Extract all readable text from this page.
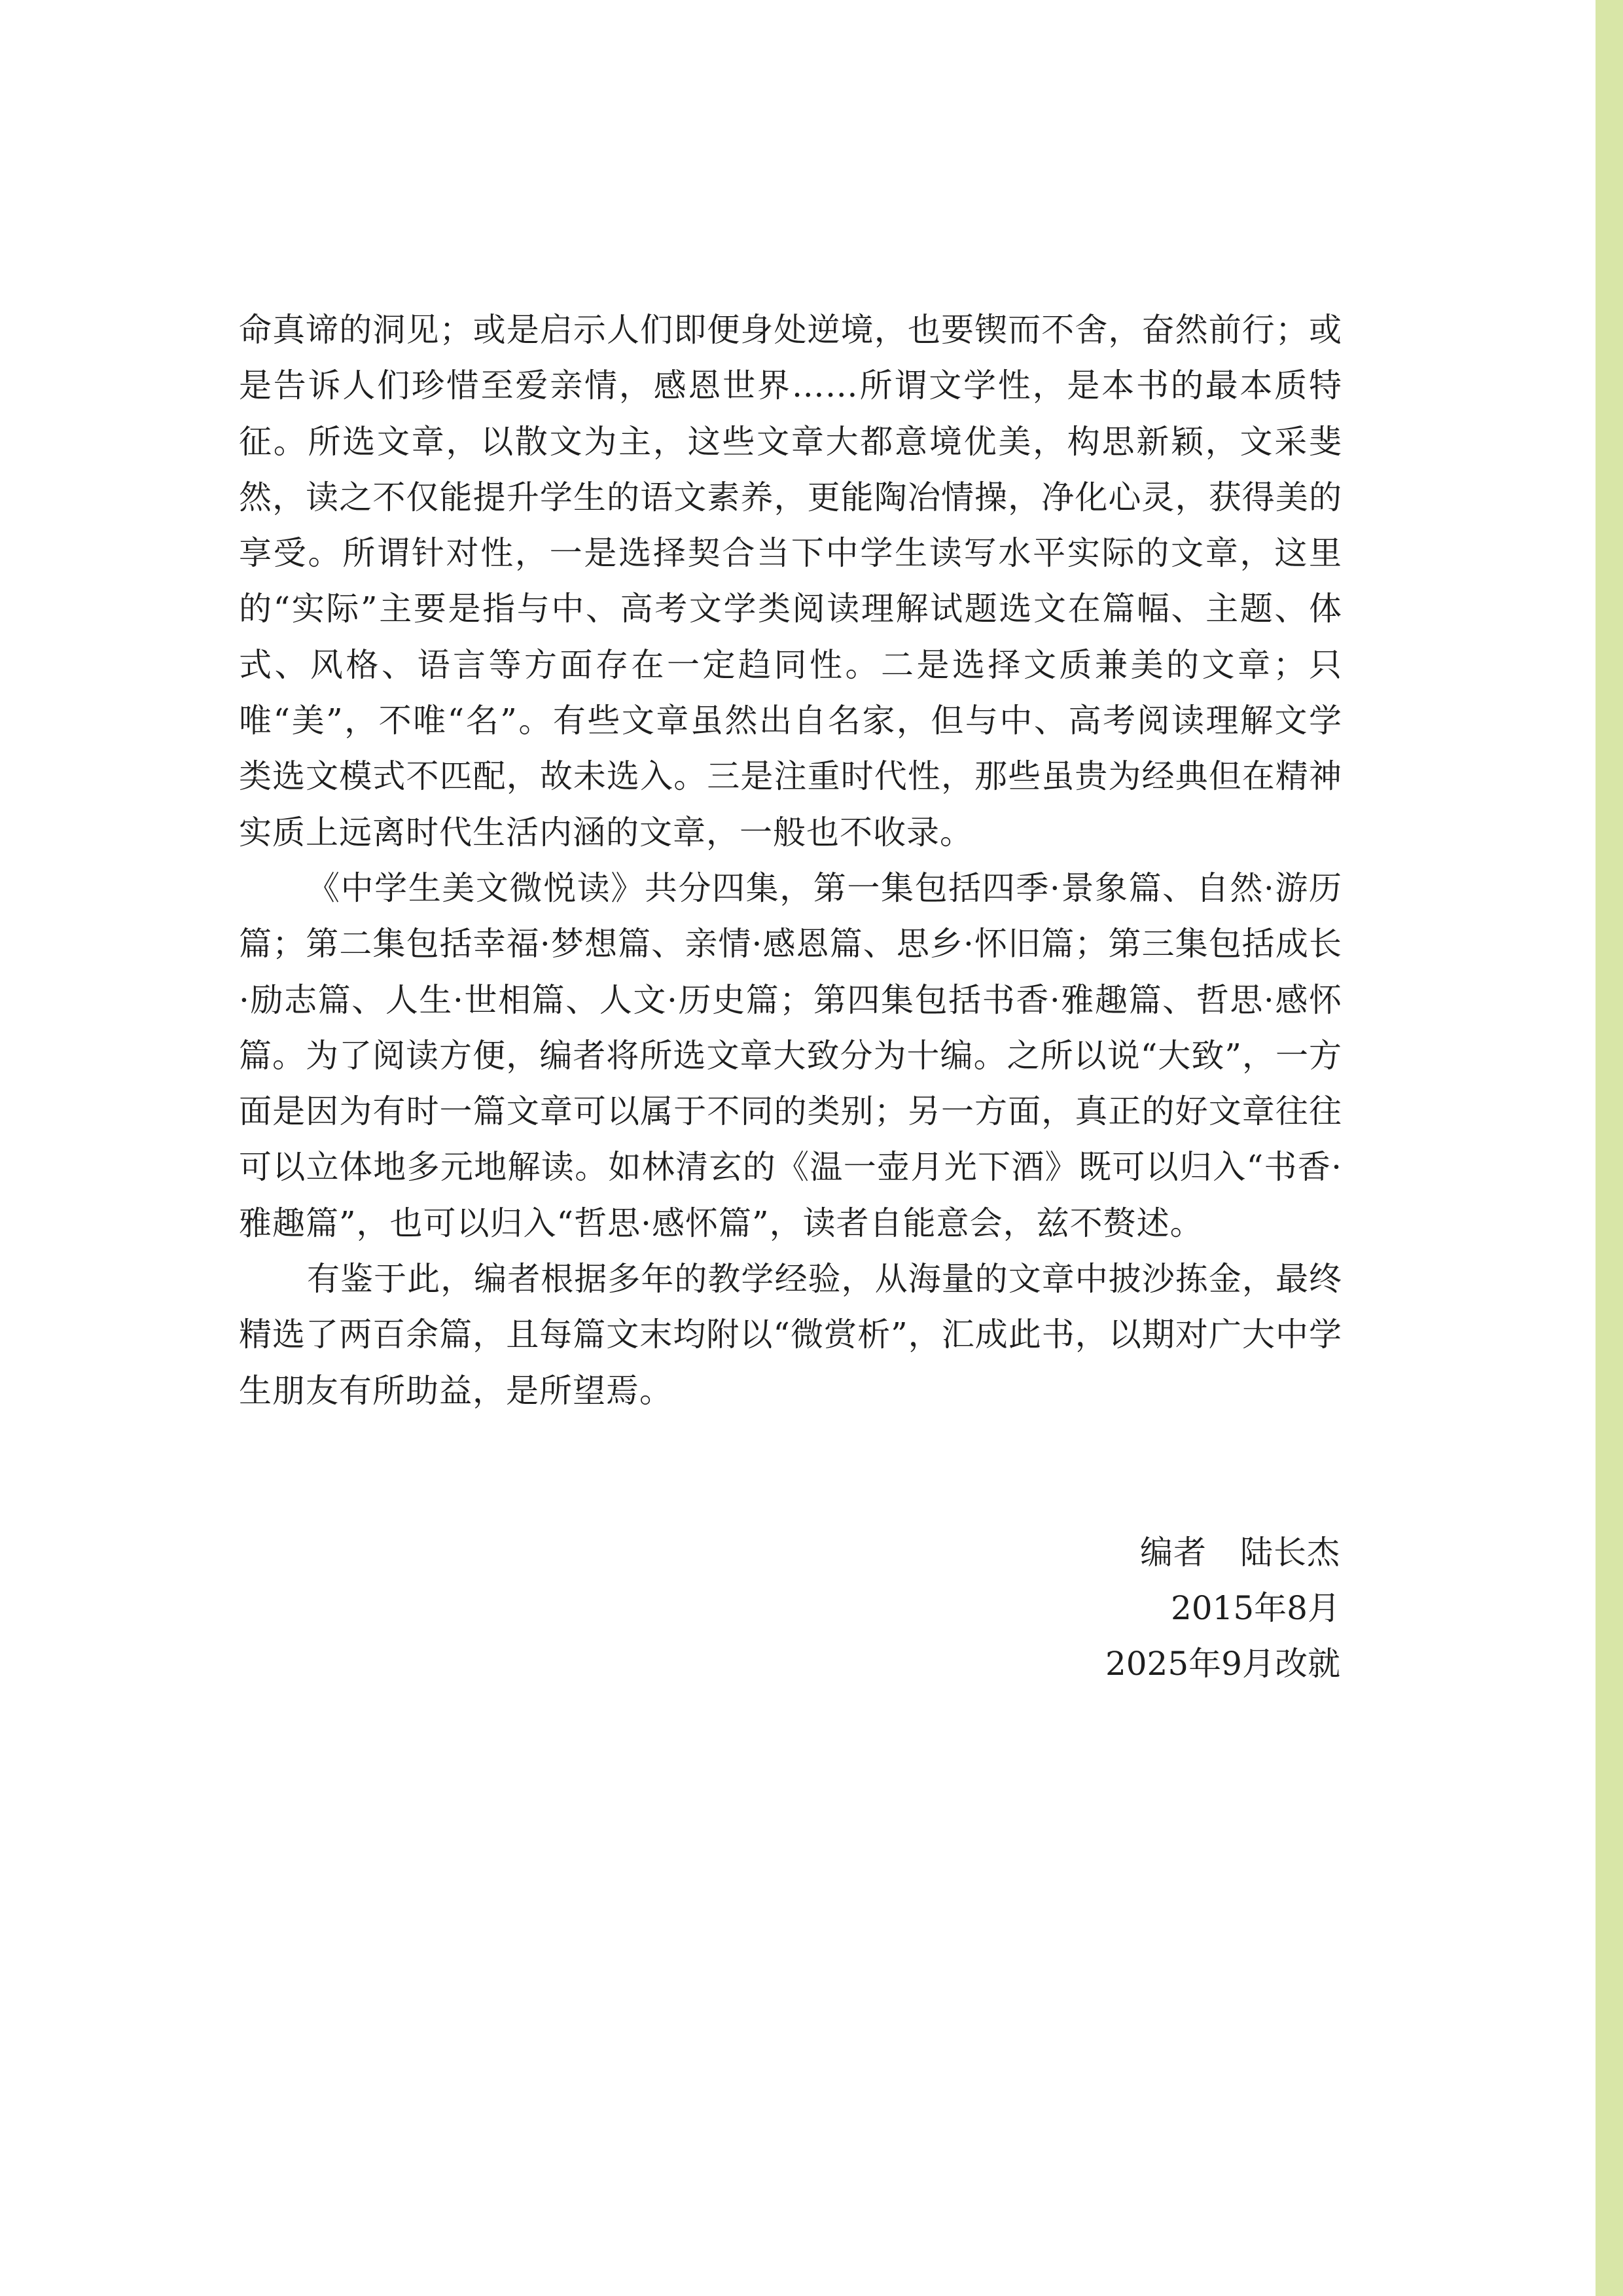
命真谛的洞见；或是启示人们即便身处逆境，也要锲而不舍，奋然前行；或是告诉人们珍惜至爱亲情，感恩世界……所谓文学性，是本书的最本质特征。所选文章，以散文为主，这些文章大都意境优美，构思新颖，文采斐然，读之不仅能提升学生的语文素养，更能陶冶情操，净化心灵，获得美的享受。所谓针对性，一是选择契合当下中学生读写水平实际的文章，这里的“实际”主要是指与中、高考文学类阅读理解试题选文在篇幅、主题、体式、风格、语言等方面存在一定趋同性。二是选择文质兼美的文章；只唯“美”，不唯“名”。有些文章虽然出自名家，但与中、高考阅读理解文学类选文模式不匹配，故未选入。三是注重时代性，那些虽贵为经典但在精神实质上远离时代生活内涵的文章，一般也不收录。

《中学生美文微悦读》共分四集，第一集包括四季·景象篇、自然·游历篇；第二集包括幸福·梦想篇、亲情·感恩篇、思乡·怀旧篇；第三集包括成长·励志篇、人生·世相篇、人文·历史篇；第四集包括书香·雅趣篇、哲思·感怀篇。为了阅读方便，编者将所选文章大致分为十编。之所以说“大致”，一方面是因为有时一篇文章可以属于不同的类别；另一方面，真正的好文章往往可以立体地多元地解读。如林清玄的《温一壶月光下酒》既可以归入“书香·雅趣篇”，也可以归入“哲思·感怀篇”，读者自能意会，兹不赘述。

有鉴于此，编者根据多年的教学经验，从海量的文章中披沙拣金，最终精选了两百余篇，且每篇文末均附以“微赏析”，汇成此书，以期对广大中学生朋友有所助益，是所望焉。

编者　陆长杰
2015年8月
2025年9月改就
